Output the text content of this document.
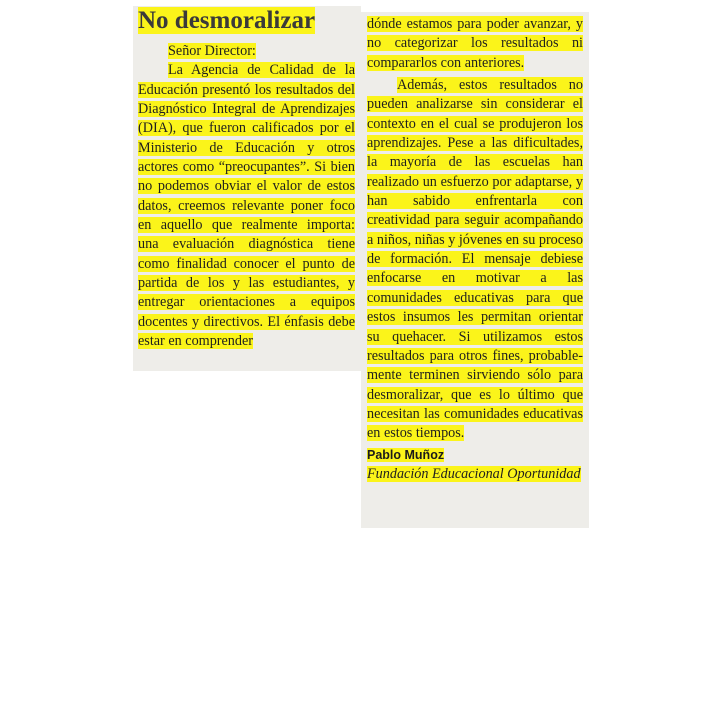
No desmoralizar

Señor Director:

La Agencia de Calidad de la Educación presentó los resultados del Diagnóstico Integral de Aprendizajes (DIA), que fueron calificados por el Ministerio de Educación y otros actores como “preocupantes”. Si bien no podemos obviar el valor de estos datos, creemos relevante poner foco en aquello que realmente importa: una evaluación diagnóstica tiene como finalidad conocer el punto de partida de los y las estudiantes, y entregar orientaciones a equipos docentes y directivos. El énfasis debe estar en comprender

dónde estamos para poder avanzar, y no categorizar los resultados ni compararlos con anteriores.

Además, estos resultados no pueden analizarse sin considerar el contexto en el cual se produjeron los aprendizajes. Pese a las dificultades, la mayoría de las escuelas han realizado un esfuerzo por adaptarse, y han sabido enfrentarla con creatividad para seguir acompañando a niños, niñas y jóvenes en su proceso de formación. El mensaje debiese enfocarse en motivar a las comunidades educativas para que estos insumos les permitan orientar su quehacer. Si utilizamos estos resultados para otros fines, probablemente terminen sirviendo sólo para desmoralizar, que es lo último que necesitan las comunidades educativas en estos tiempos.

Pablo Muñoz

Fundación Educacional Oportunidad
